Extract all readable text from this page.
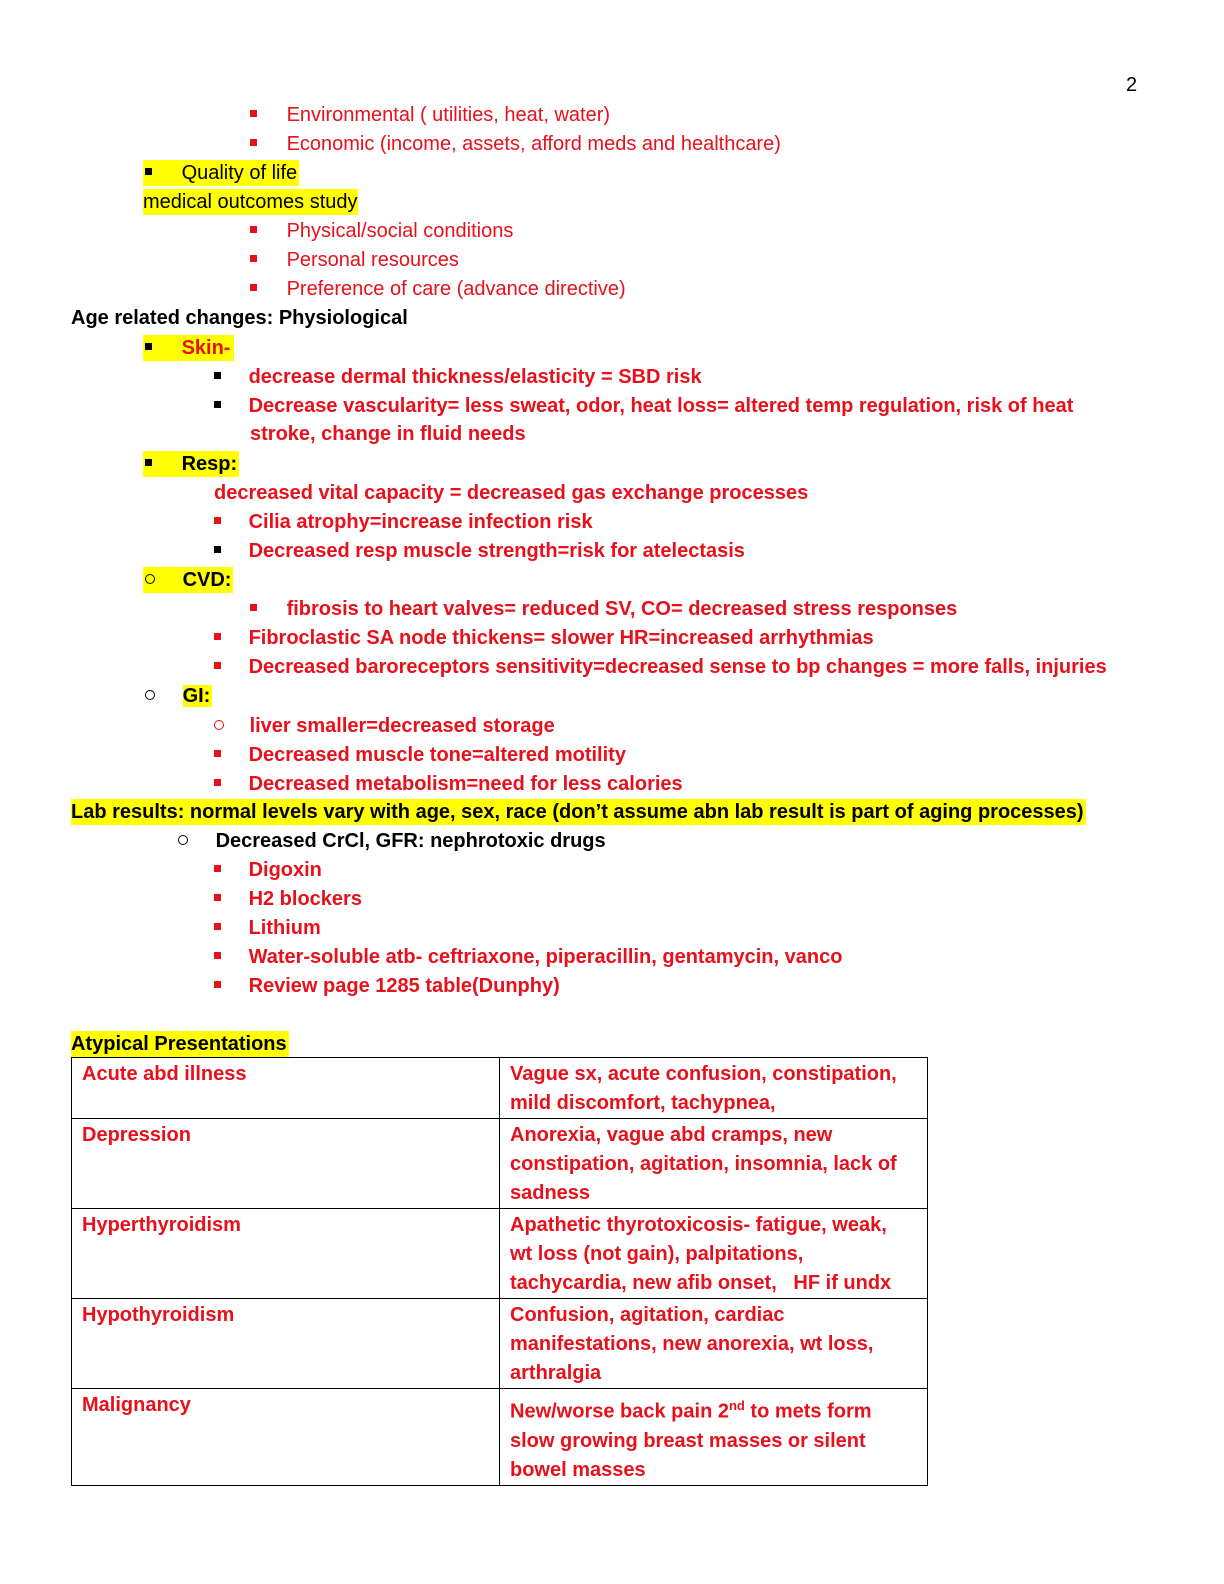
2
Environmental ( utilities, heat, water)
Economic (income, assets, afford meds and healthcare)
Quality of life
medical outcomes study
Physical/social conditions
Personal resources
Preference of care (advance directive)
Age related changes: Physiological
Skin-
decrease dermal thickness/elasticity = SBD risk
Decrease vascularity= less sweat, odor, heat loss= altered temp regulation, risk of heat
stroke, change in fluid needs
Resp:
decreased vital capacity = decreased gas exchange processes
Cilia atrophy=increase infection risk
Decreased resp muscle strength=risk for atelectasis
CVD:
fibrosis to heart valves= reduced SV, CO= decreased stress responses
Fibroclastic SA node thickens= slower HR=increased arrhythmias
Decreased baroreceptors sensitivity=decreased sense to bp changes = more falls, injuries
GI:
liver smaller=decreased storage
Decreased muscle tone=altered motility
Decreased metabolism=need for less calories
Lab results: normal levels vary with age, sex, race (don’t assume abn lab result is part of aging processes)
Decreased CrCl, GFR: nephrotoxic drugs
Digoxin
H2 blockers
Lithium
Water-soluble atb- ceftriaxone, piperacillin, gentamycin, vanco
Review page 1285 table(Dunphy)
Atypical Presentations
Acute abd illness	Vague sx, acute confusion, constipation,
mild discomfort, tachypnea,

Depression	Anorexia, vague abd cramps, new
constipation, agitation, insomnia, lack of
sadness

Hyperthyroidism	Apathetic thyrotoxicosis- fatigue, weak,
wt loss (not gain), palpitations,
tachycardia, new afib onset,   HF if undx

Hypothyroidism	Confusion, agitation, cardiac
manifestations, new anorexia, wt loss,
arthralgia

Malignancy	New/worse back pain 2nd to mets form
slow growing breast masses or silent
bowel masses
